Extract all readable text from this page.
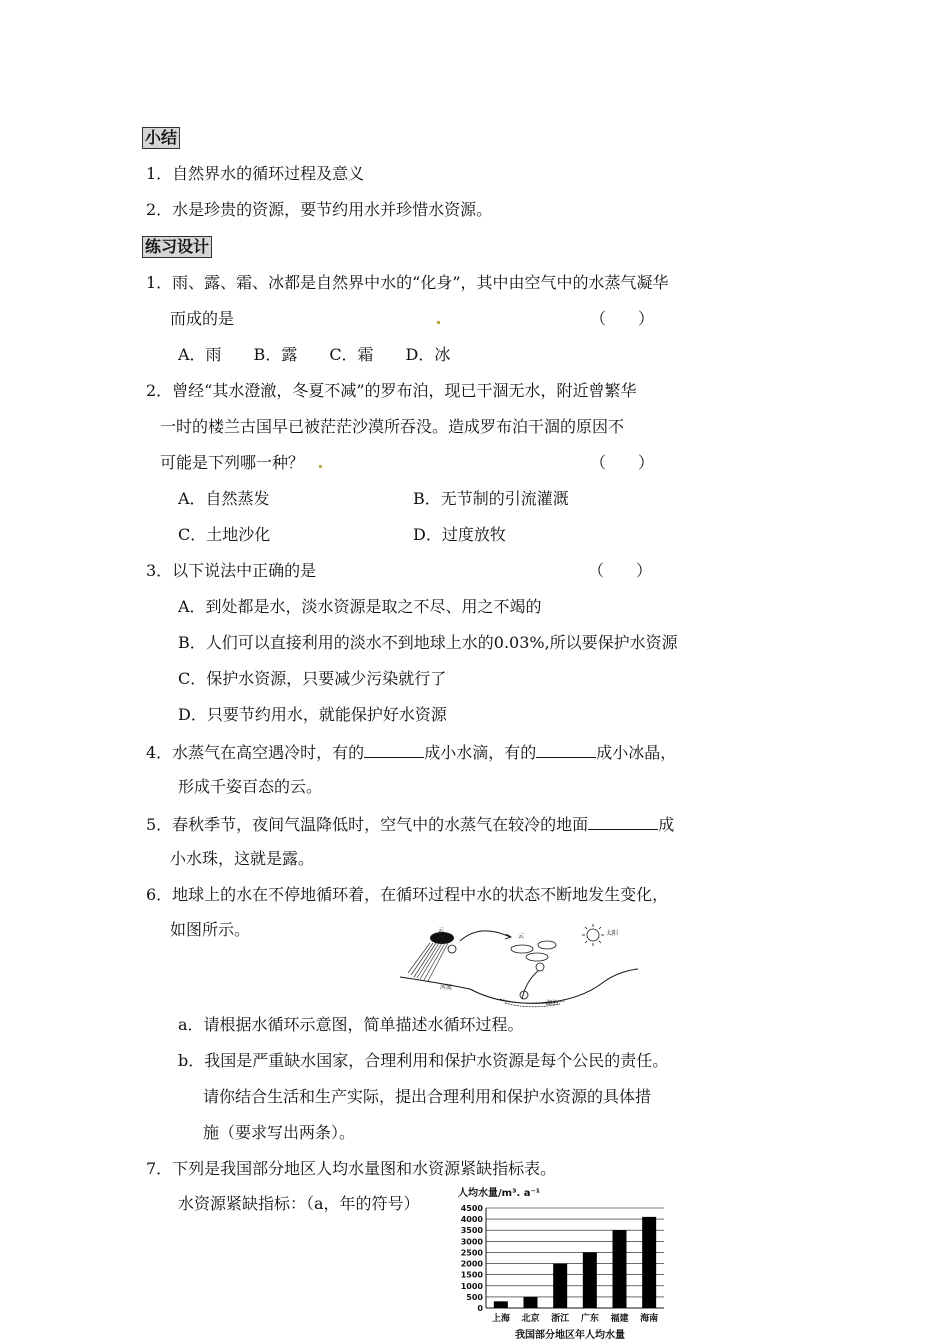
小结
1．自然界水的循环过程及意义
2．水是珍贵的资源，要节约用水并珍惜水资源。
练习设计
1．雨、露、霜、冰都是自然界中水的“化身”，其中由空气中的水蒸气凝华
而成的是	（　　）
A．雨　　B．露　　C．霜　　D．冰
2．曾经“其水澄澈，冬夏不减”的罗布泊，现已干涸无水，附近曾繁华
一时的楼兰古国早已被茫茫沙漠所吞没。造成罗布泊干涸的原因不
可能是下列哪一种？	（　　）
A．自然蒸发	B．无节制的引流灌溉
C．土地沙化	D．过度放牧
3．以下说法中正确的是	（　　）
A．到处都是水，淡水资源是取之不尽、用之不竭的
B．人们可以直接利用的淡水不到地球上水的0.03%,所以要保护水资源
C．保护水资源，只要减少污染就行了
D．只要节约用水，就能保护好水资源
4．水蒸气在高空遇冷时，有的	成小水滴，有的	成小冰晶，
形成千姿百态的云。
5．春秋季节，夜间气温降低时，空气中的水蒸气在较冷的地面	成
小水珠，这就是露。
6．地球上的水在不停地循环着，在循环过程中水的状态不断地发生变化，
如图所示。	云
云	太阳
河流
湖泊
a．请根据水循环示意图，简单描述水循环过程。
b．我国是严重缺水国家，合理利用和保护水资源是每个公民的责任。
请你结合生活和生产实际，提出合理利用和保护水资源的具体措
施（要求写出两条）。
7．下列是我国部分地区人均水量图和水资源紧缺指标表。
水资源紧缺指标：（a，年的符号）
人均水量/m³. a⁻¹
4500
4000
3500
3000
2500
2000
1500
1000
500
0
上海 北京 浙江 广东 福建 海南
我国部分地区年人均水量
